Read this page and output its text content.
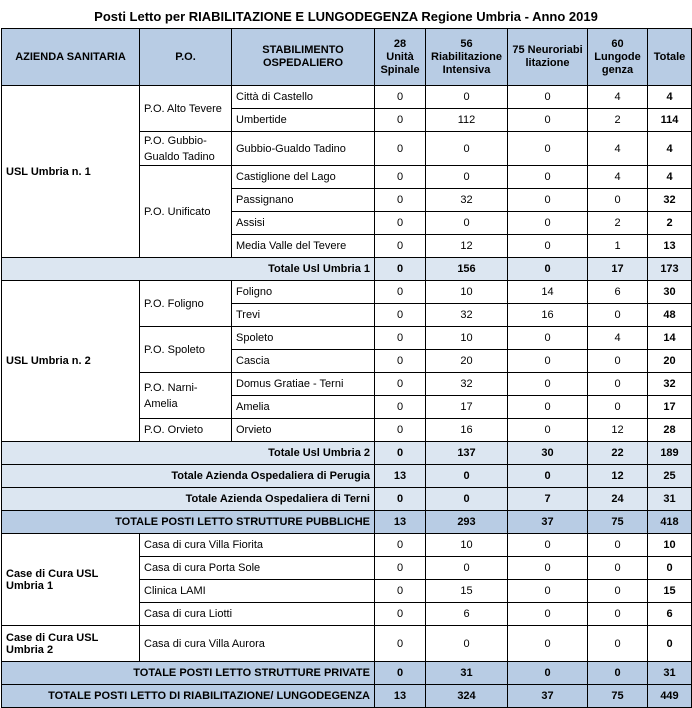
Posti Letto per RIABILITAZIONE E LUNGODEGENZA Regione Umbria - Anno 2019
AZIENDA SANITARIA	P.O.	STABILIMENTO OSPEDALIERO	28 Unità Spinale	56 Riabilitazione Intensiva	75 Neuroriabi litazione	60 Lungode genza	Totale
USL Umbria n. 1	P.O. Alto Tevere	Città di Castello	0	0	0	4	4
		Umbertide	0	112	0	2	114
	P.O. Gubbio-Gualdo Tadino	Gubbio-Gualdo Tadino	0	0	0	4	4
	P.O. Unificato	Castiglione del Lago	0	0	0	4	4
		Passignano	0	32	0	0	32
		Assisi	0	0	0	2	2
		Media Valle del Tevere	0	12	0	1	13
Totale Usl Umbria 1			0	156	0	17	173
USL Umbria n. 2	P.O. Foligno	Foligno	0	10	14	6	30
		Trevi	0	32	16	0	48
	P.O. Spoleto	Spoleto	0	10	0	4	14
		Cascia	0	20	0	0	20
	P.O. Narni-Amelia	Domus Gratiae - Terni	0	32	0	0	32
		Amelia	0	17	0	0	17
	P.O. Orvieto	Orvieto	0	16	0	12	28
Totale Usl Umbria 2			0	137	30	22	189
Totale Azienda Ospedaliera di Perugia			13	0	0	12	25
Totale Azienda Ospedaliera di Terni			0	0	7	24	31
TOTALE POSTI LETTO STRUTTURE PUBBLICHE			13	293	37	75	418
Case di Cura USL Umbria 1	Casa di cura Villa Fiorita		0	10	0	0	10
	Casa di cura Porta Sole		0	0	0	0	0
	Clinica LAMI		0	15	0	0	15
	Casa di cura Liotti		0	6	0	0	6
Case di Cura USL Umbria 2	Casa di cura Villa Aurora		0	0	0	0	0
TOTALE POSTI LETTO STRUTTURE PRIVATE			0	31	0	0	31
TOTALE POSTI LETTO DI RIABILITAZIONE/ LUNGODEGENZA			13	324	37	75	449
